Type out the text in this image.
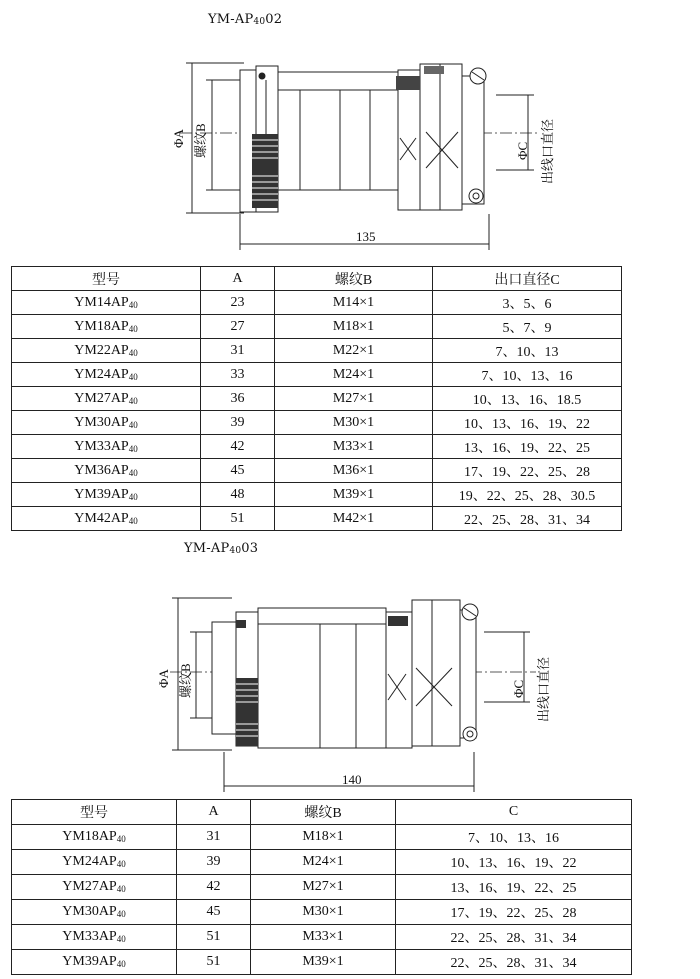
$YM-AP_{40}02$
ΦA 螺纹B	ΦC 出线口直径
135
型号	A	螺纹B	出口直径C
$YM14AP_{40}$	23	M14×1	3、5、6
$YM18AP_{40}$	27	M18×1	5、7、9
$YM22AP_{40}$	31	M22×1	7、10、13
$YM24AP_{40}$	33	M24×1	7、10、13、16
$YM27AP_{40}$	36	M27×1	10、13、16、18.5
$YM30AP_{40}$	39	M30×1	10、13、16、19、22
$YM33AP_{40}$	42	M33×1	13、16、19、22、25
$YM36AP_{40}$	45	M36×1	17、19、22、25、28
$YM39AP_{40}$	48	M39×1	19、22、25、28、30.5
$YM42AP_{40}$	51	M42×1	22、25、28、31、34
$YM-AP_{40}03$
ΦA 螺纹B	ΦC 出线口直径
140
型号	A	螺纹B	C
$YM18AP_{40}$	31	M18×1	7、10、13、16
$YM24AP_{40}$	39	M24×1	10、13、16、19、22
$YM27AP_{40}$	42	M27×1	13、16、19、22、25
$YM30AP_{40}$	45	M30×1	17、19、22、25、28
$YM33AP_{40}$	51	M33×1	22、25、28、31、34
$YM39AP_{40}$	51	M39×1	22、25、28、31、34
